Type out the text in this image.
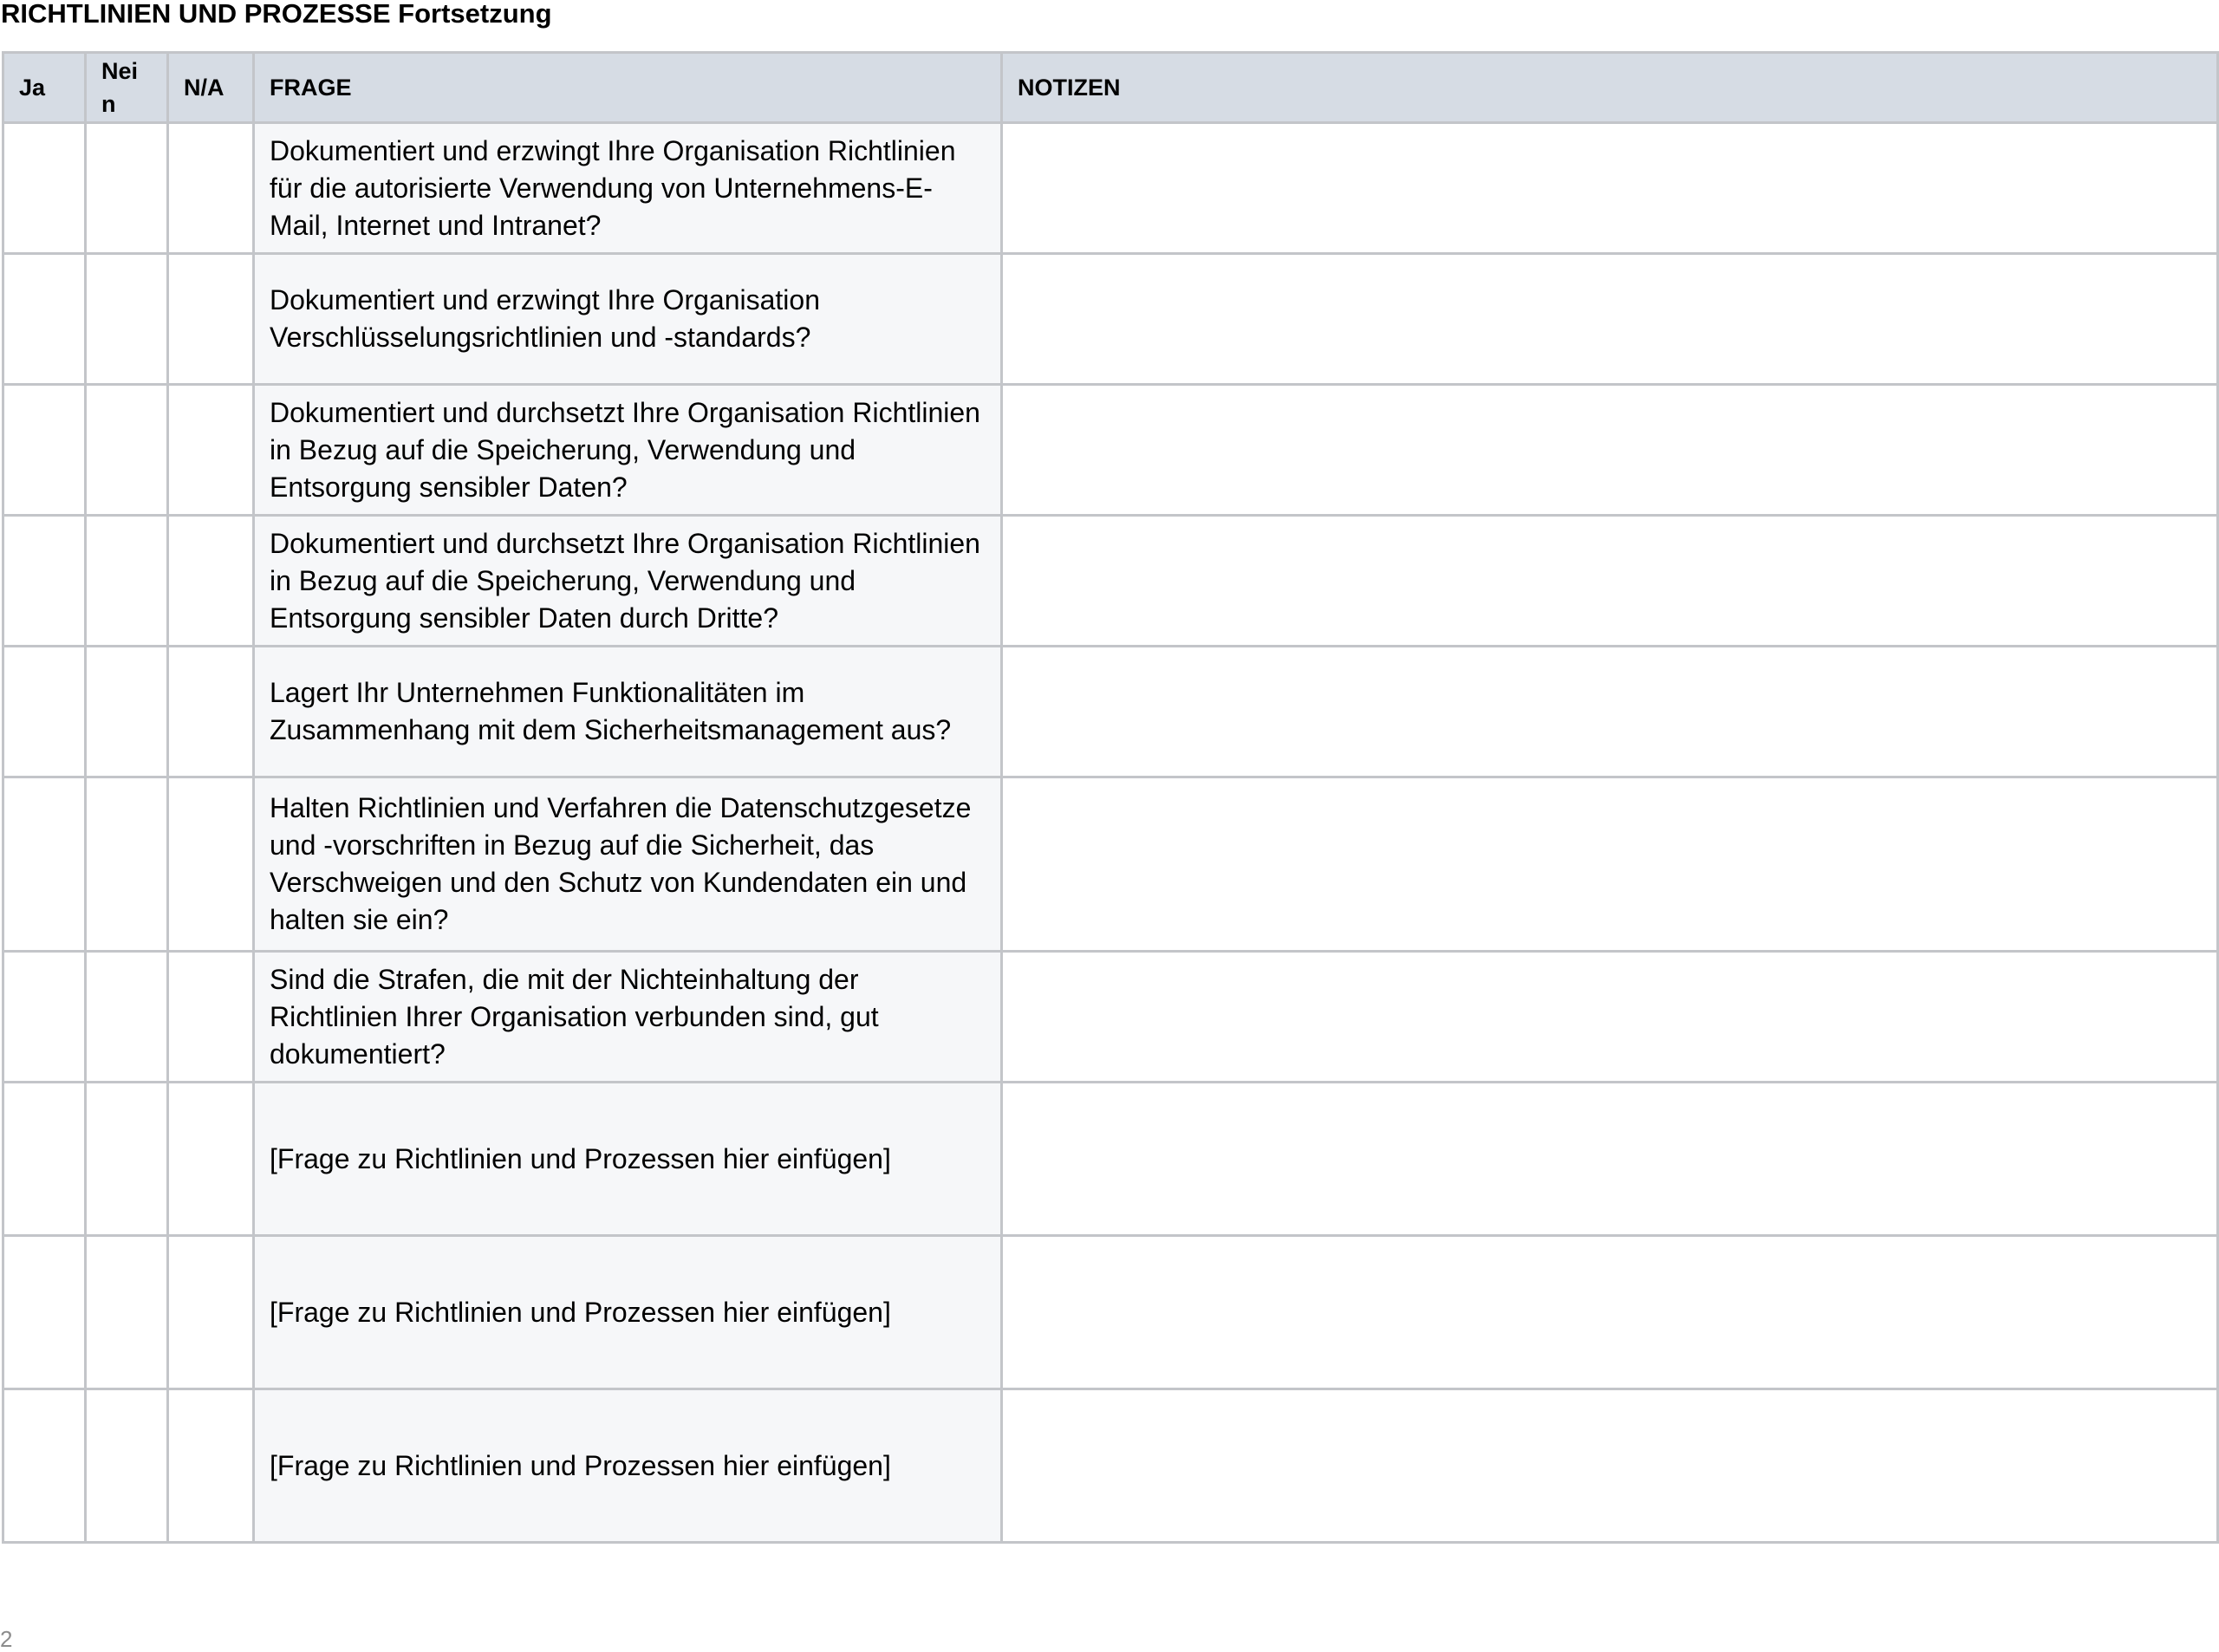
RICHTLINIEN UND PROZESSE Fortsetzung
Ja	Nein	N/A	FRAGE	NOTIZEN
			Dokumentiert und erzwingt Ihre Organisation Richtlinien für die autorisierte Verwendung von Unternehmens-E-Mail, Internet und Intranet?	
			Dokumentiert und erzwingt Ihre Organisation Verschlüsselungsrichtlinien und -standards?	
			Dokumentiert und durchsetzt Ihre Organisation Richtlinien in Bezug auf die Speicherung, Verwendung und Entsorgung sensibler Daten?	
			Dokumentiert und durchsetzt Ihre Organisation Richtlinien in Bezug auf die Speicherung, Verwendung und Entsorgung sensibler Daten durch Dritte?	
			Lagert Ihr Unternehmen Funktionalitäten im Zusammenhang mit dem Sicherheitsmanagement aus?	
			Halten Richtlinien und Verfahren die Datenschutzgesetze und -vorschriften in Bezug auf die Sicherheit, das Verschweigen und den Schutz von Kundendaten ein und halten sie ein?	
			Sind die Strafen, die mit der Nichteinhaltung der Richtlinien Ihrer Organisation verbunden sind, gut dokumentiert?	
			[Frage zu Richtlinien und Prozessen hier einfügen]	
			[Frage zu Richtlinien und Prozessen hier einfügen]	
			[Frage zu Richtlinien und Prozessen hier einfügen]	
2
